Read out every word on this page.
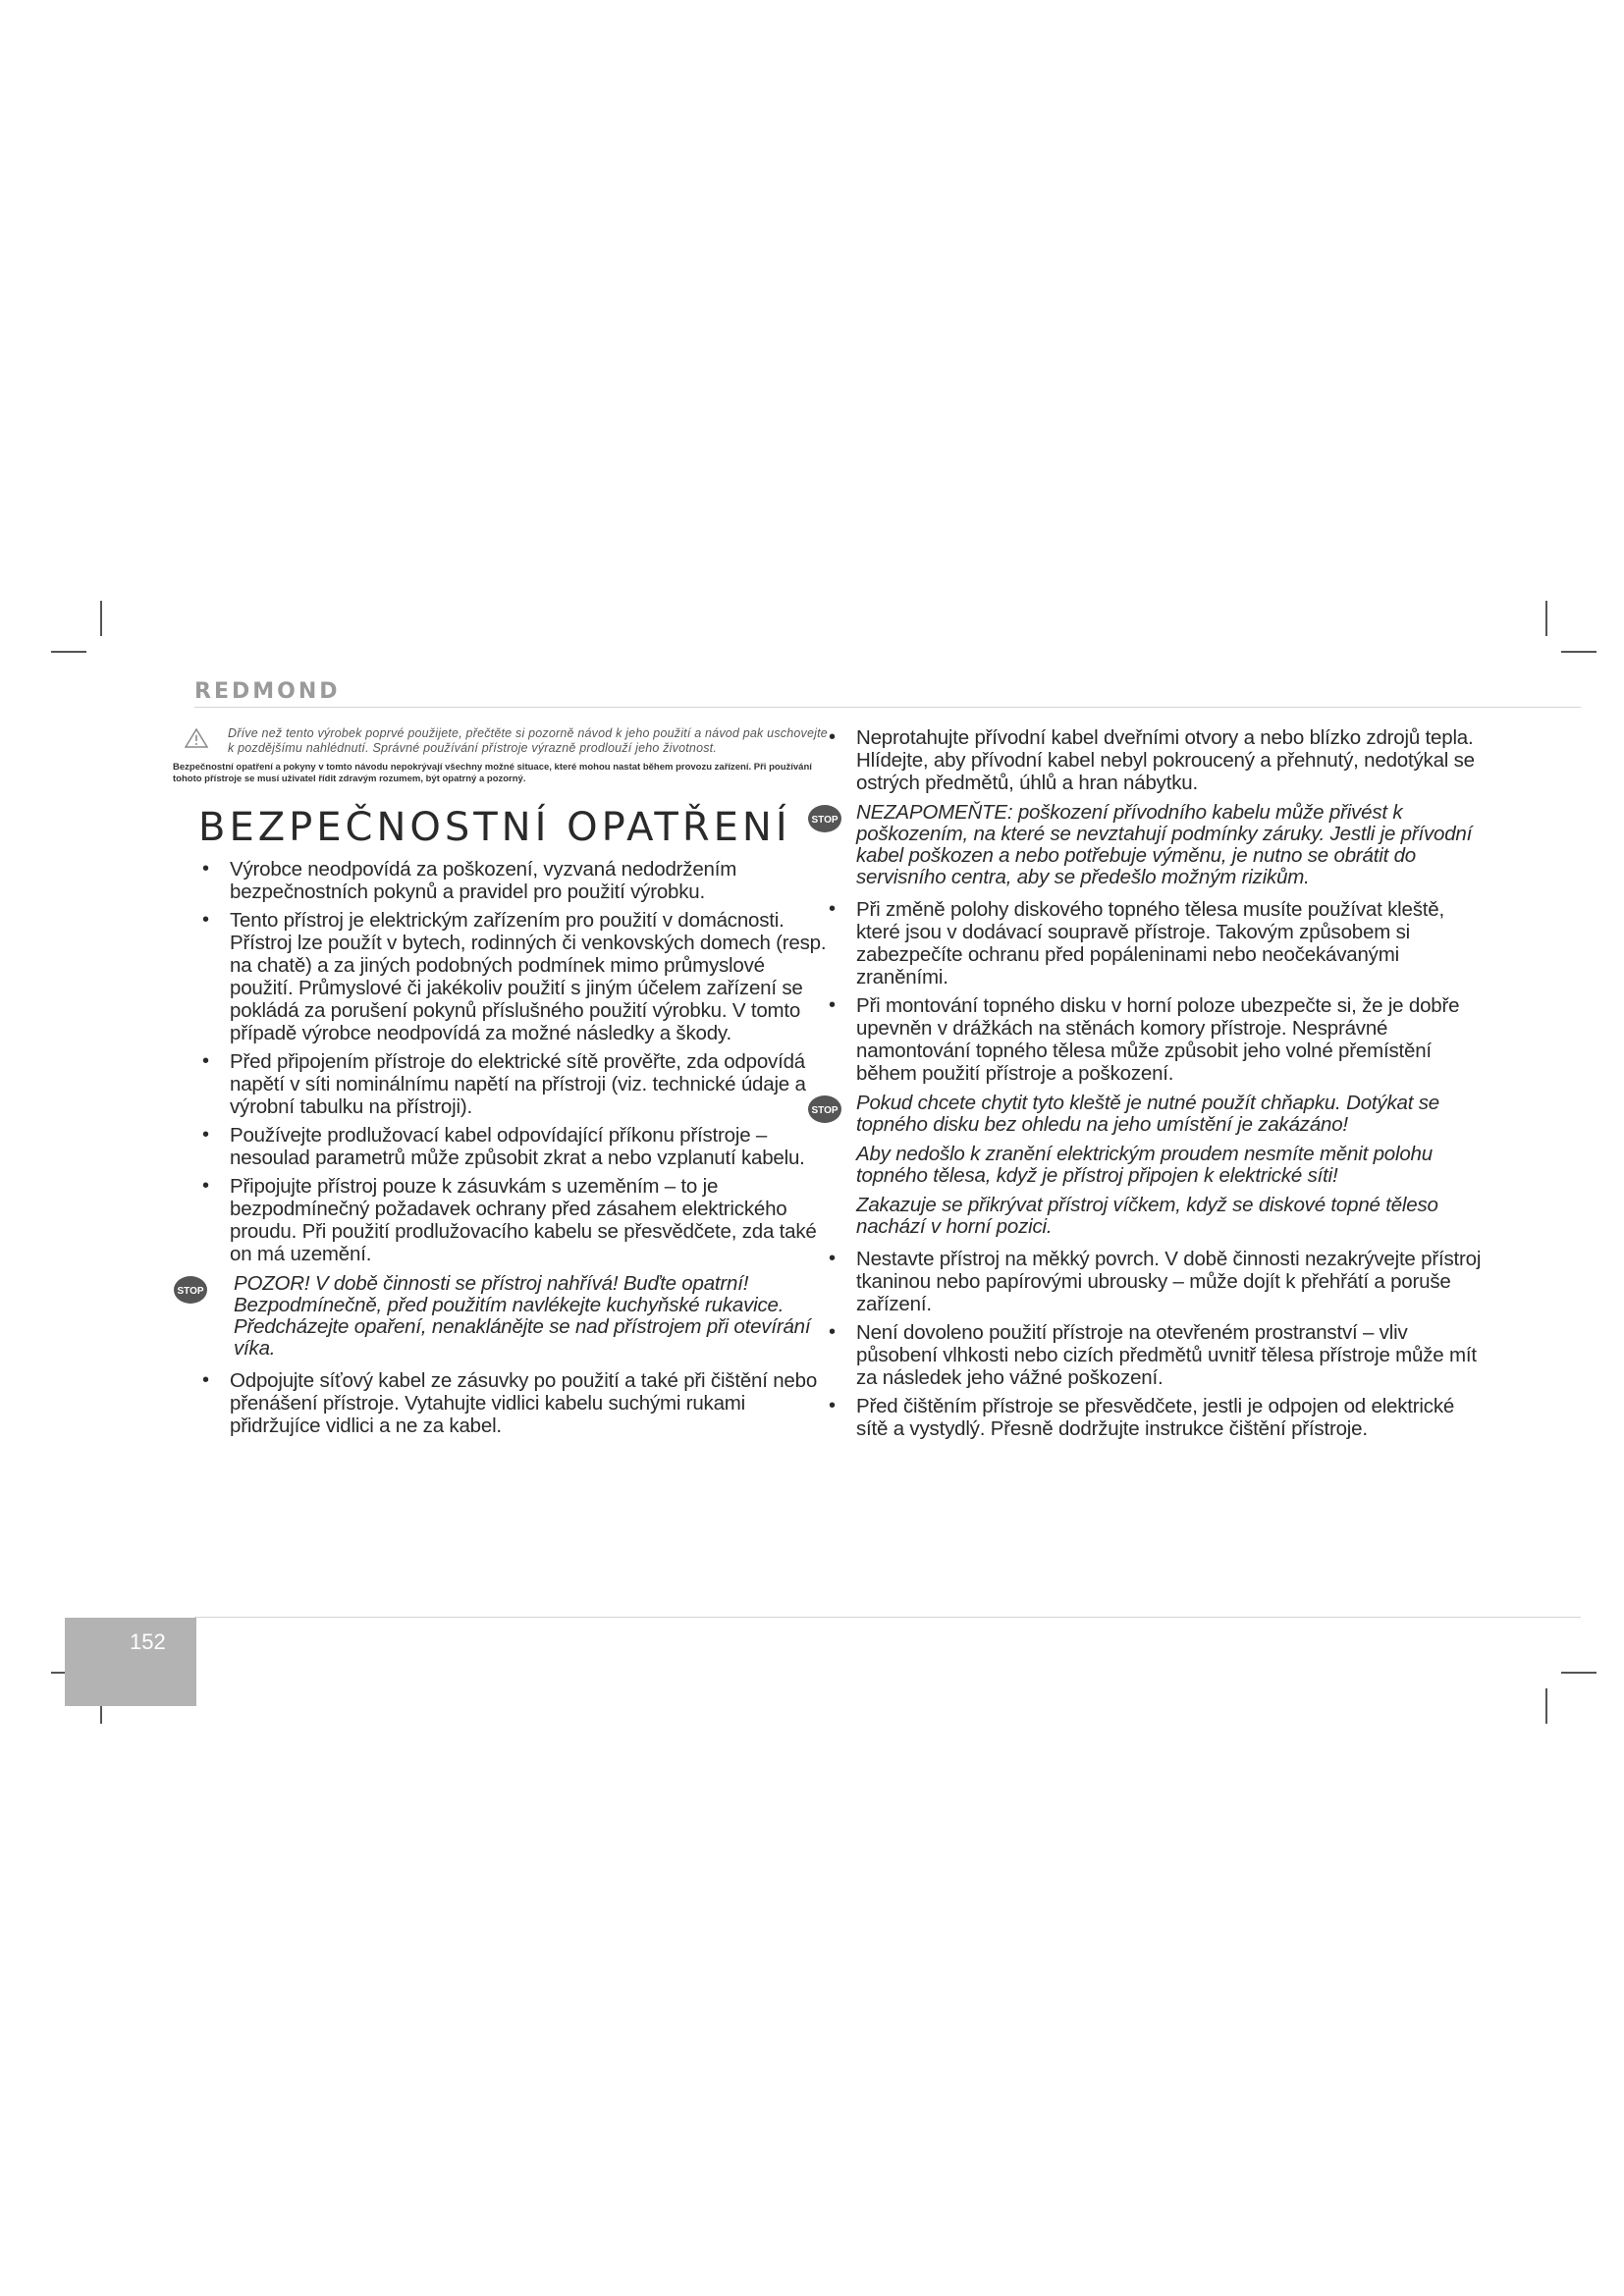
REDMOND

Dříve než tento výrobek poprvé použijete, přečtěte si pozorně návod k jeho použití a návod pak uschovejte k pozdějšímu nahlédnutí. Správné používání přístroje výrazně prodlouží jeho životnost.

Bezpečnostní opatření a pokyny v tomto návodu nepokrývají všechny možné situace, které mohou nastat během provozu zařízení. Při používání tohoto přístroje se musí uživatel řídit zdravým rozumem, být opatrný a pozorný.

BEZPEČNOSTNÍ OPATŘENÍ
• Výrobce neodpovídá za poškození, vyzvaná nedodržením bezpečnostních pokynů a pravidel pro použití výrobku.
• Tento přístroj je elektrickým zařízením pro použití v domácnosti. Přístroj lze použít v bytech, rodinných či venkovských domech (resp. na chatě) a za jiných podobných podmínek mimo průmyslové použití. Průmyslové či jakékoliv použití s jiným účelem zařízení se pokládá za porušení pokynů příslušného použití výrobku. V tomto případě výrobce neodpovídá za možné následky a škody.
• Před připojením přístroje do elektrické sítě prověřte, zda odpovídá napětí v síti nominálnímu napětí na přístroji (viz. technické údaje a výrobní tabulku na přístroji).
• Používejte prodlužovací kabel odpovídající příkonu přístroje – nesoulad parametrů může způsobit zkrat a nebo vzplanutí kabelu.
• Připojujte přístroj pouze k zásuvkám s uzeměním – to je bezpodmínečný požadavek ochrany před zásahem elektrického proudu. Při použití prodlužovacího kabelu se přesvědčete, zda také on má uzemění.
STOP POZOR! V době činnosti se přístroj nahřívá! Buďte opatrní! Bezpodmínečně, před použitím navlékejte kuchyňské rukavice. Předcházejte opaření, nenaklánějte se nad přístrojem při otevírání víka.

• Odpojujte síťový kabel ze zásuvky po použití a také při čištění nebo přenášení přístroje. Vytahujte vidlici kabelu suchými rukami přidržujíce vidlici a ne za kabel.
• Neprotahujte přívodní kabel dveřními otvory a nebo blízko zdrojů tepla. Hlídejte, aby přívodní kabel nebyl pokroucený a přehnutý, nedotýkal se ostrých předmětů, úhlů a hran nábytku.
STOP NEZAPOMEŇTE: poškození přívodního kabelu může přivést k poškozením, na které se nevztahují podmínky záruky. Jestli je přívodní kabel poškozen a nebo potřebuje výměnu, je nutno se obrátit do servisního centra, aby se předešlo možným rizikům.

• Při změně polohy diskového topného tělesa musíte používat kleště, které jsou v dodávací soupravě přístroje. Takovým způsobem si zabezpečíte ochranu před popáleninami nebo neočekávanými zraněními.
• Při montování topného disku v horní poloze ubezpečte si, že je dobře upevněn v drážkách na stěnách komory přístroje. Nesprávné namontování topného tělesa může způsobit jeho volné přemístění během použití přístroje a poškození.
STOP Pokud chcete chytit tyto kleště je nutné použít chňapku. Dotýkat se topného disku bez ohledu na jeho umístění je zakázáno!

Aby nedošlo k zranění elektrickým proudem nesmíte měnit polohu topného tělesa, když je přístroj připojen k elektrické síti!

Zakazuje se přikrývat přístroj víčkem, když se diskové topné těleso nachází v horní pozici.

• Nestavte přístroj na měkký povrch. V době činnosti nezakrývejte přístroj tkaninou nebo papírovými ubrousky – může dojít k přehřátí a poruše zařízení.
• Není dovoleno použití přístroje na otevřeném prostranství – vliv působení vlhkosti nebo cizích předmětů uvnitř tělesa přístroje může mít za následek jeho vážné poškození.
• Před čištěním přístroje se přesvědčete, jestli je odpojen od elektrické sítě a vystydlý. Přesně dodržujte instrukce čištění přístroje.
152
